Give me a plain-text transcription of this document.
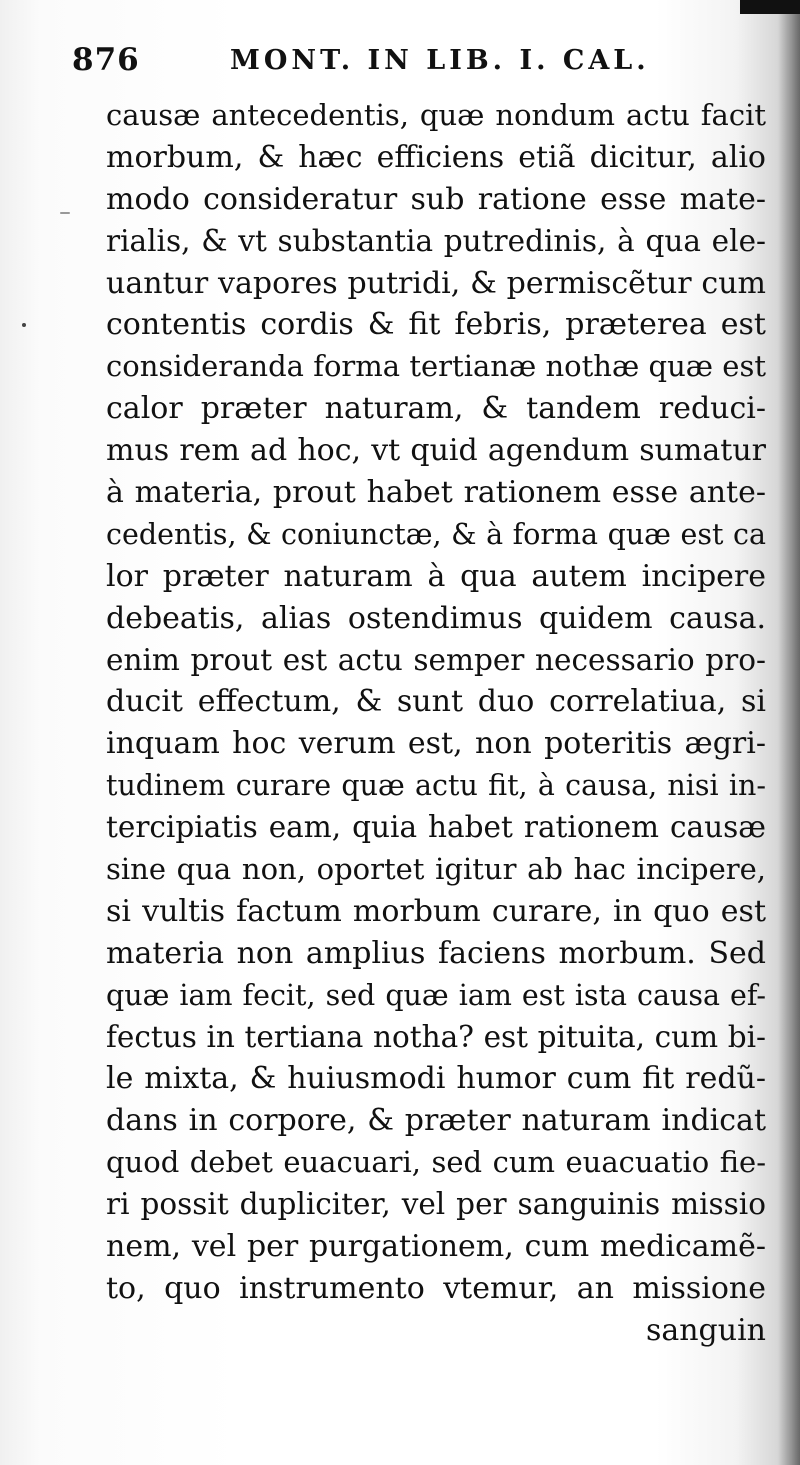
876	MONT. IN LIB. I. CAL.
causæ antecedentis, quæ nondum actu facit
morbum, & hæc efficiens etiã dicitur, alio
modo consideratur sub ratione esse mate-
rialis, & vt substantia putredinis, à qua ele-
uantur vapores putridi, & permiscẽtur cum
contentis cordis & fit febris, præterea est
consideranda forma tertianæ nothæ quæ est
calor præter naturam, & tandem reduci-
mus rem ad hoc, vt quid agendum sumatur
à materia, prout habet rationem esse ante-
cedentis, & coniunctæ, & à forma quæ est ca
lor præter naturam à qua autem incipere
debeatis, alias ostendimus quidem causa.
enim prout est actu semper necessario pro-
ducit effectum, & sunt duo correlatiua, si
inquam hoc verum est, non poteritis ægri-
tudinem curare quæ actu fit, à causa, nisi in-
tercipiatis eam, quia habet rationem causæ
sine qua non, oportet igitur ab hac incipere,
si vultis factum morbum curare, in quo est
materia non amplius faciens morbum. Sed
quæ iam fecit, sed quæ iam est ista causa ef-
fectus in tertiana notha? est pituita, cum bi-
le mixta, & huiusmodi humor cum fit redũ-
dans in corpore, & præter naturam indicat
quod debet euacuari, sed cum euacuatio fie-
ri possit dupliciter, vel per sanguinis missio
nem, vel per purgationem, cum medicamẽ-
to, quo instrumento vtemur, an missione
sanguin
